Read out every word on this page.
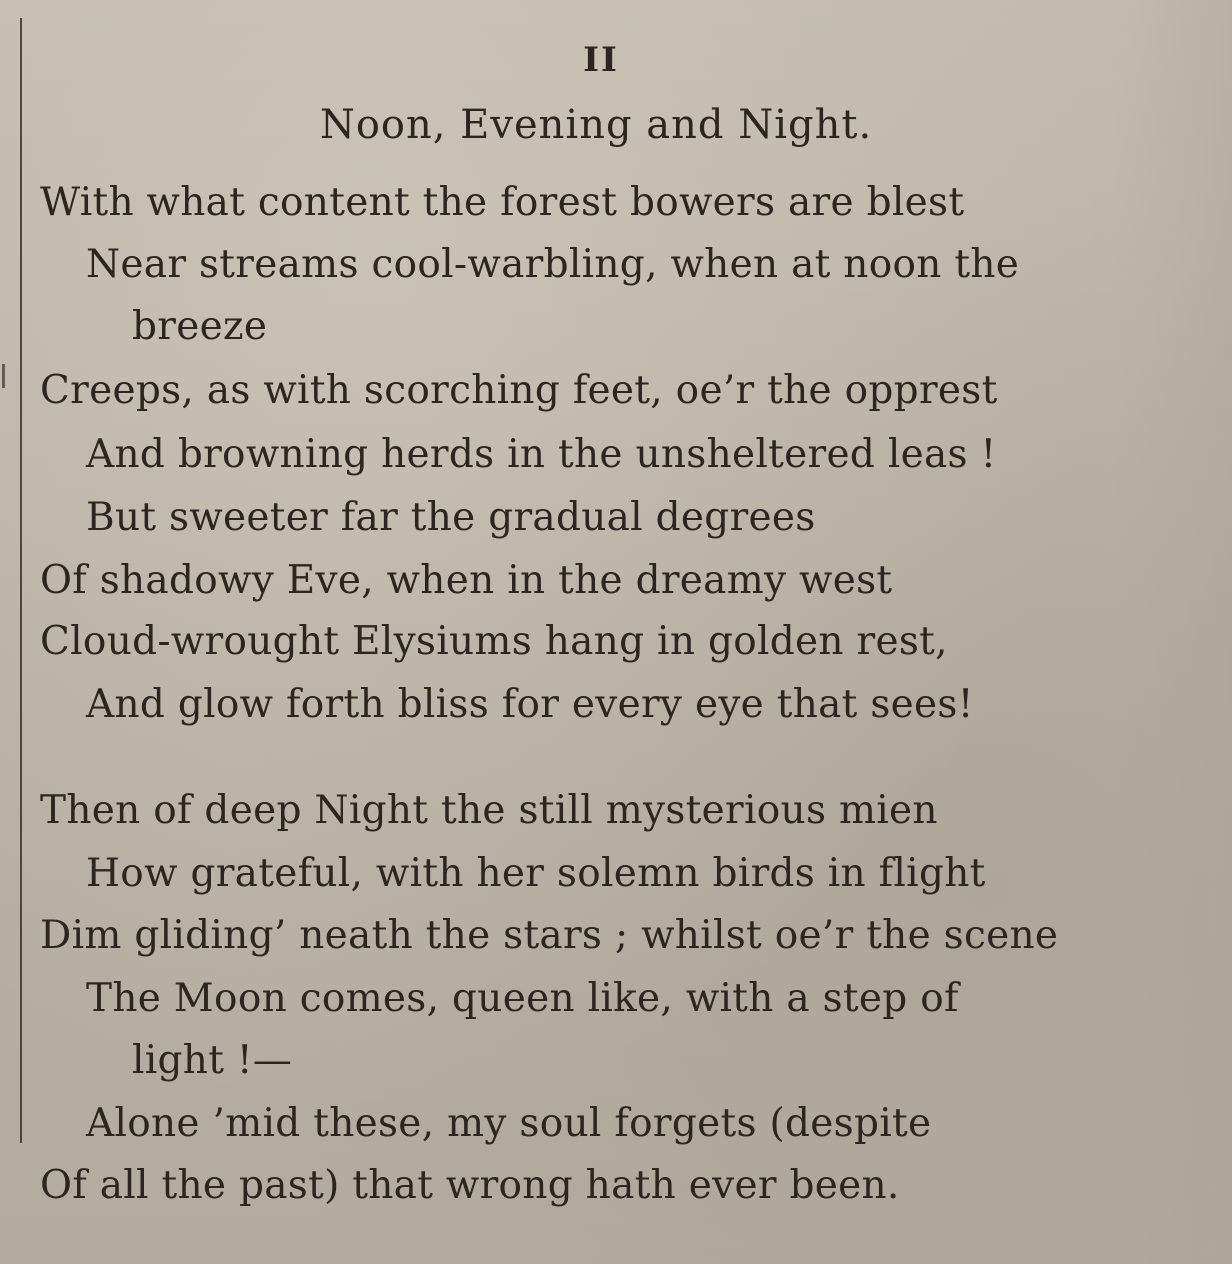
II
Noon, Evening and Night.
With what content the forest bowers are blest
Near streams cool-warbling, when at noon the
breeze
Creeps, as with scorching feet, oe’r the opprest
And browning herds in the unsheltered leas !
But sweeter far the gradual degrees
Of shadowy Eve, when in the dreamy west
Cloud-wrought Elysiums hang in golden rest,
And glow forth bliss for every eye that sees!
Then of deep Night the still mysterious mien
How grateful, with her solemn birds in flight
Dim gliding’ neath the stars ; whilst oe’r the scene
The Moon comes, queen like, with a step of
light !—
Alone ’mid these, my soul forgets (despite
Of all the past) that wrong hath ever been.
